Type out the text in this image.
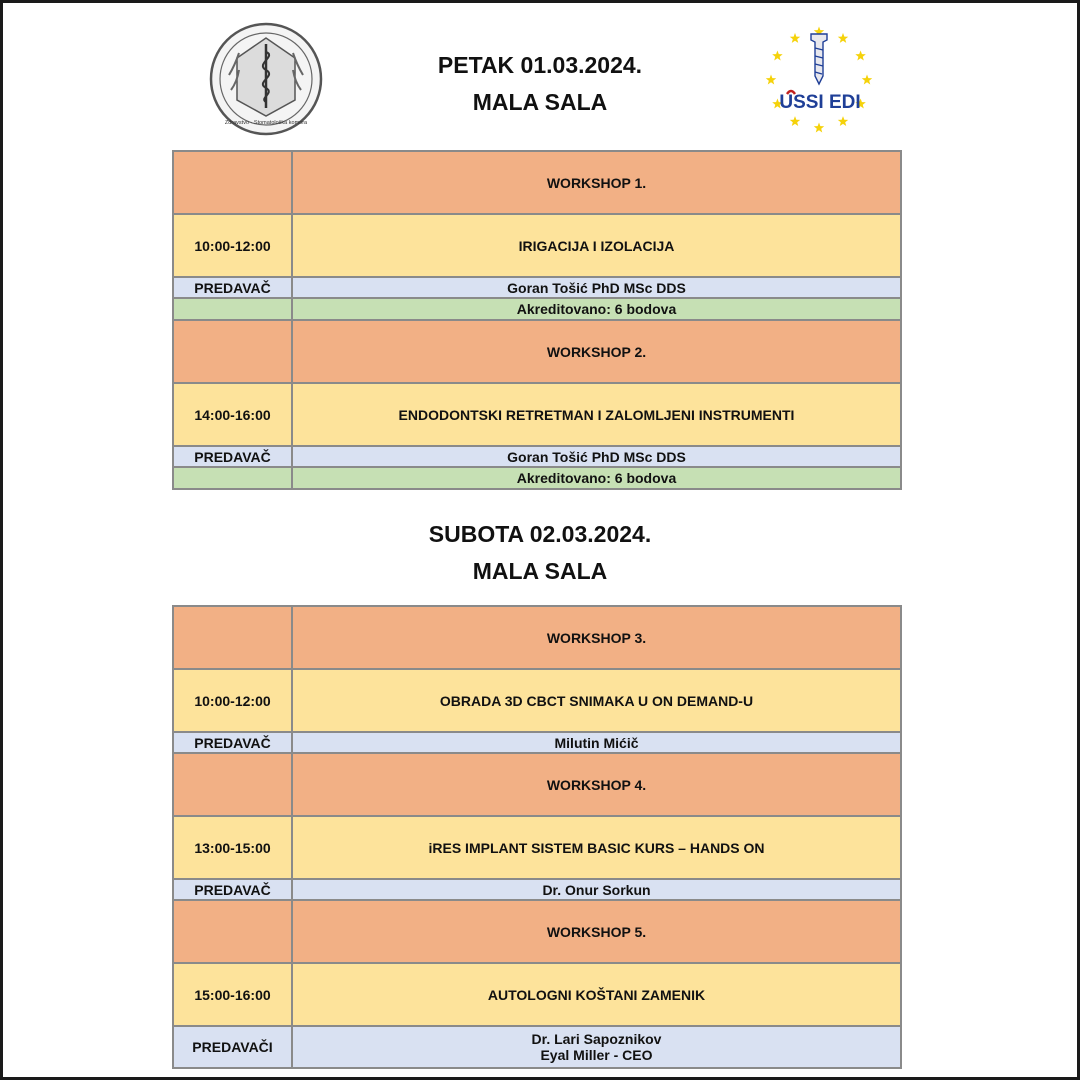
Zdravstvo · Stomatološka komora
USSI EDI
PETAK 01.03.2024.
MALA SALA
	WORKSHOP 1.
10:00-12:00	IRIGACIJA I IZOLACIJA
PREDAVAČ	Goran Tošić PhD MSc DDS
	Akreditovano: 6 bodova
	WORKSHOP 2.
14:00-16:00	ENDODONTSKI RETRETMAN I ZALOMLJENI INSTRUMENTI
PREDAVAČ	Goran Tošić PhD MSc DDS
	Akreditovano: 6 bodova
SUBOTA 02.03.2024.
MALA SALA
	WORKSHOP 3.
10:00-12:00	OBRADA 3D CBCT SNIMAKA U ON DEMAND-U
PREDAVAČ	Milutin Mićič
	WORKSHOP 4.
13:00-15:00	iRES IMPLANT SISTEM BASIC KURS – HANDS ON
PREDAVAČ	Dr. Onur Sorkun
	WORKSHOP 5.
15:00-16:00	AUTOLOGNI KOŠTANI ZAMENIK
PREDAVAČI	Dr. Lari Sapoznikov
Eyal Miller - CEO
